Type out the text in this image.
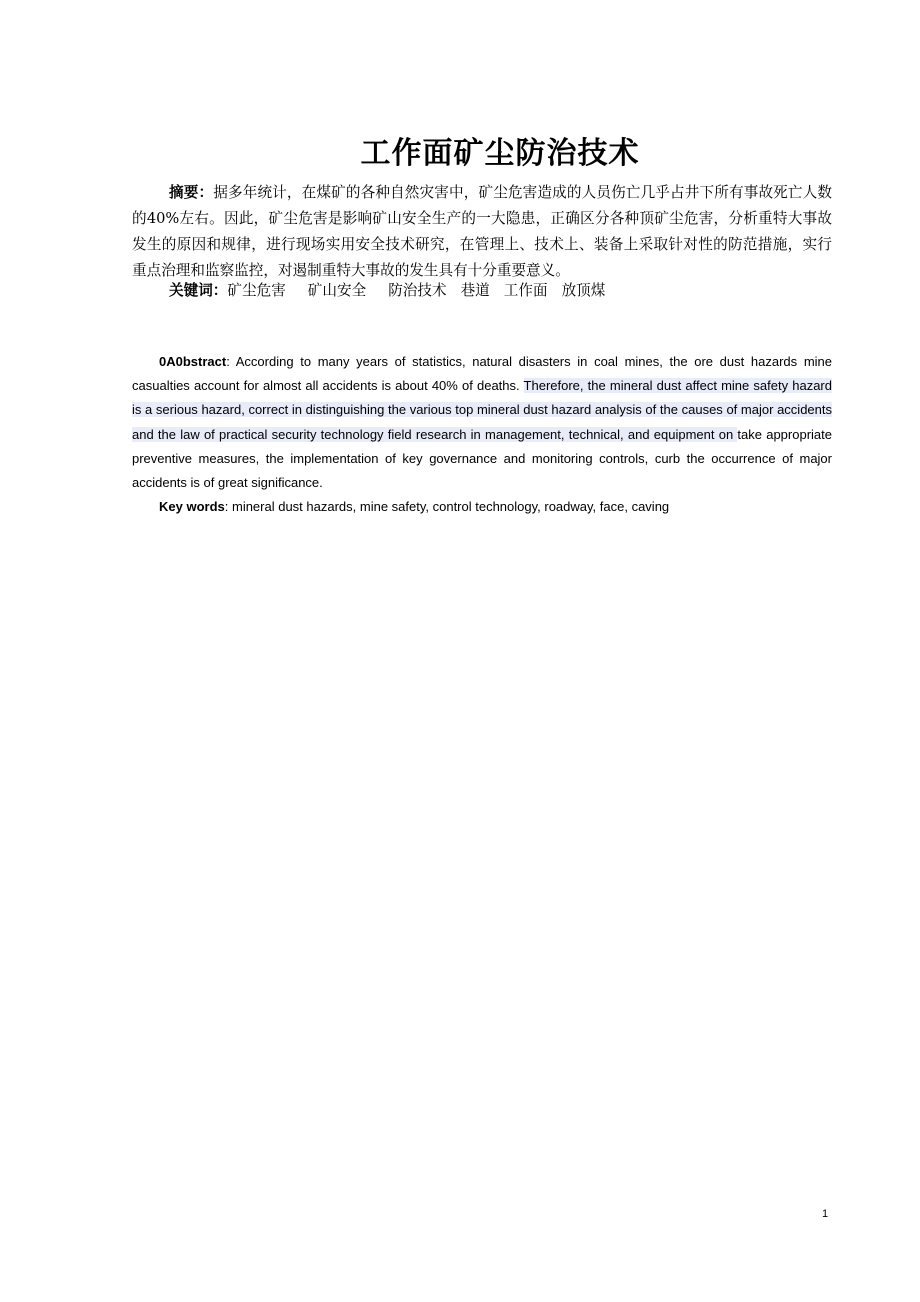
工作面矿尘防治技术

摘要：据多年统计，在煤矿的各种自然灾害中，矿尘危害造成的人员伤亡几乎占井下所有事故死亡人数的40%左右。因此，矿尘危害是影响矿山安全生产的一大隐患，正确区分各种顶矿尘危害，分析重特大事故发生的原因和规律，进行现场实用安全技术研究，在管理上、技术上、装备上采取针对性的防范措施，实行重点治理和监察监控，对遏制重特大事故的发生具有十分重要意义。

关键词：矿尘危害 矿山安全 防治技术 巷道 工作面 放顶煤

0A0bstract: According to many years of statistics, natural disasters in coal mines, the ore dust hazards mine casualties account for almost all accidents is about 40% of deaths. Therefore, the mineral dust affect mine safety hazard is a serious hazard, correct in distinguishing the various top mineral dust hazard analysis of the causes of major accidents and the law of practical security technology field research in management, technical, and equipment on take appropriate preventive measures, the implementation of key governance and monitoring controls, curb the occurrence of major accidents is of great significance.

Key words: mineral dust hazards, mine safety, control technology, roadway, face, caving

1
